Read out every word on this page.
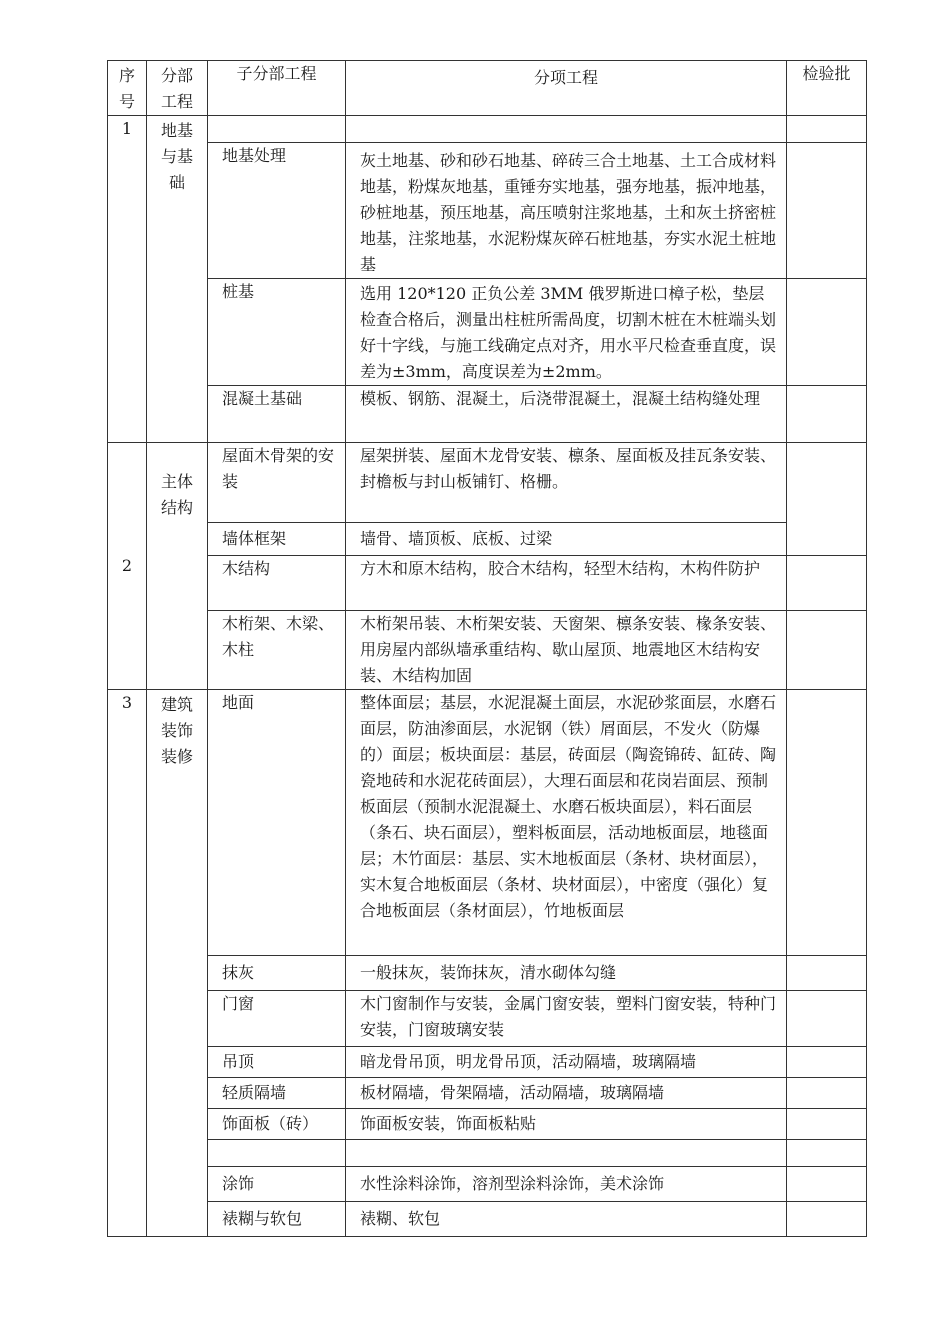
序号	分部工程	子分部工程	分项工程	检验批
1	地基与基础			
		地基处理	灰土地基、砂和砂石地基、碎砖三合土地基、土工合成材料地基，粉煤灰地基，重锤夯实地基，强夯地基，振冲地基，砂桩地基，预压地基，高压喷射注浆地基，土和灰土挤密桩地基，注浆地基，水泥粉煤灰碎石桩地基，夯实水泥土桩地基	
		桩基	选用 120*120 正负公差 3MM 俄罗斯进口樟子松，垫层检查合格后，测量出柱桩所需咼度，切割木桩在木桩端头划好十字线，与施工线确定点对齐，用水平尺检查垂直度，误差为±3mm，高度误差为±2mm。	
		混凝土基础	模板、钢筋、混凝土，后浇带混凝土，混凝土结构缝处理	
2	主体结构	屋面木骨架的安装	屋架拼装、屋面木龙骨安装、檩条、屋面板及挂瓦条安装、封檐板与封山板铺钉、格栅。	
		墙体框架	墙骨、墙顶板、底板、过梁	
		木结构	方木和原木结构，胶合木结构，轻型木结构，木构件防护	
		木桁架、木梁、木柱	木桁架吊装、木桁架安装、天窗架、檩条安装、椽条安装、用房屋内部纵墙承重结构、歇山屋顶、地震地区木结构安装、木结构加固	
3	建筑装饰装修	地面	整体面层；基层，水泥混凝土面层，水泥砂浆面层，水磨石面层，防油渗面层，水泥钢（铁）屑面层，不发火（防爆的）面层；板块面层：基层，砖面层（陶瓷锦砖、缸砖、陶瓷地砖和水泥花砖面层），大理石面层和花岗岩面层、预制板面层（预制水泥混凝土、水磨石板块面层），料石面层（条石、块石面层），塑料板面层，活动地板面层，地毯面层；木竹面层：基层、实木地板面层（条材、块材面层），实木复合地板面层（条材、块材面层），中密度（强化）复合地板面层（条材面层），竹地板面层	
		抹灰	一般抹灰，装饰抹灰，清水砌体勾缝	
		门窗	木门窗制作与安装，金属门窗安装，塑料门窗安装，特种门安装，门窗玻璃安装	
		吊顶	暗龙骨吊顶，明龙骨吊顶，活动隔墙，玻璃隔墙	
		轻质隔墙	板材隔墙，骨架隔墙，活动隔墙，玻璃隔墙	
		饰面板（砖）	饰面板安装，饰面板粘贴	

		涂饰	水性涂料涂饰，溶剂型涂料涂饰，美术涂饰	
		裱糊与软包	裱糊、软包	
